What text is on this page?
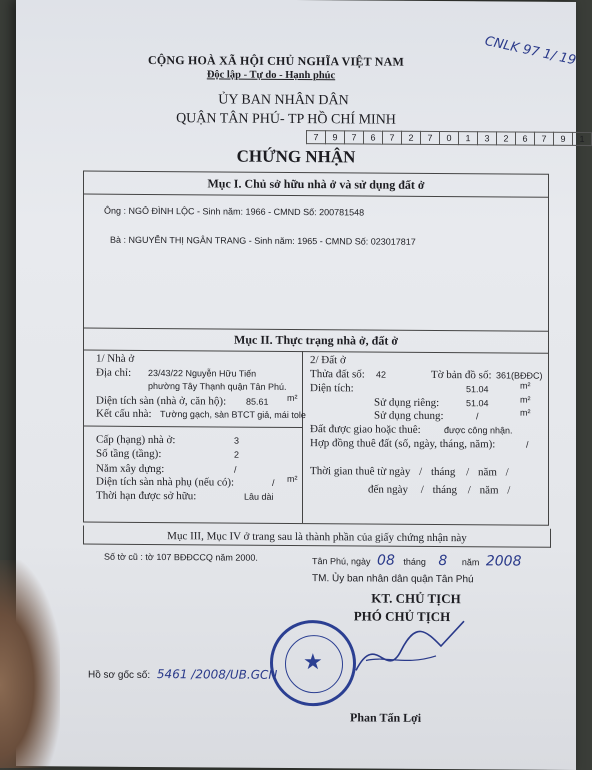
CNLK 97 1/ 19
CỘNG HOÀ XÃ HỘI CHỦ NGHĨA VIỆT NAM
Độc lập - Tự do - Hạnh phúc
ỦY BAN NHÂN DÂN
QUẬN TÂN PHÚ- TP HỒ CHÍ MINH
7	9	7	6	7	2	7	0	1	3	2	6	7	9	1
CHỨNG NHẬN
Mục I. Chủ sở hữu nhà ở và sử dụng đất ở
Ông : NGÔ ĐÌNH LỘC - Sinh năm: 1966 - CMND Số: 200781548
Bà : NGUYỄN THỊ NGÂN TRANG - Sinh năm: 1965 - CMND Số: 023017817
Mục II. Thực trạng nhà ở, đất ở
1/ Nhà ở
Địa chỉ: 23/43/22 Nguyễn Hữu Tiến
phường Tây Thạnh quận Tân Phú.
Diện tích sàn (nhà ở, căn hộ): 85.61 m²
Kết cấu nhà: Tường gạch, sàn BTCT giả, mái tole
Cấp (hạng) nhà ở:	3
Số tầng (tầng):	2
Năm xây dựng:	/
Diện tích sàn nhà phụ (nếu có):	/ m²
Thời hạn được sở hữu:	Lâu dài
2/ Đất ở
Thửa đất số: 42	Tờ bản đồ số: 361(BĐĐC)
Diện tích:	51.04	m²
Sử dụng riêng:	51.04	m²
Sử dụng chung:	/	m²
Đất được giao hoặc thuê:	được công nhận.
Hợp đồng thuê đất (số, ngày, tháng, năm):	/
Thời gian thuê từ ngày / tháng / năm /
đến ngày / tháng / năm /
Mục III, Mục IV ở trang sau là thành phần của giấy chứng nhận này
Số tờ cũ : tờ 107 BĐĐCCQ năm 2000.	Tân Phú, ngày 08 tháng 8 năm 2008
TM. Ủy ban nhân dân quận Tân Phú
KT. CHỦ TỊCH
PHÓ CHỦ TỊCH
★
Phan Tấn Lợi
Hồ sơ gốc số: 5461 /2008/UB.GCN
